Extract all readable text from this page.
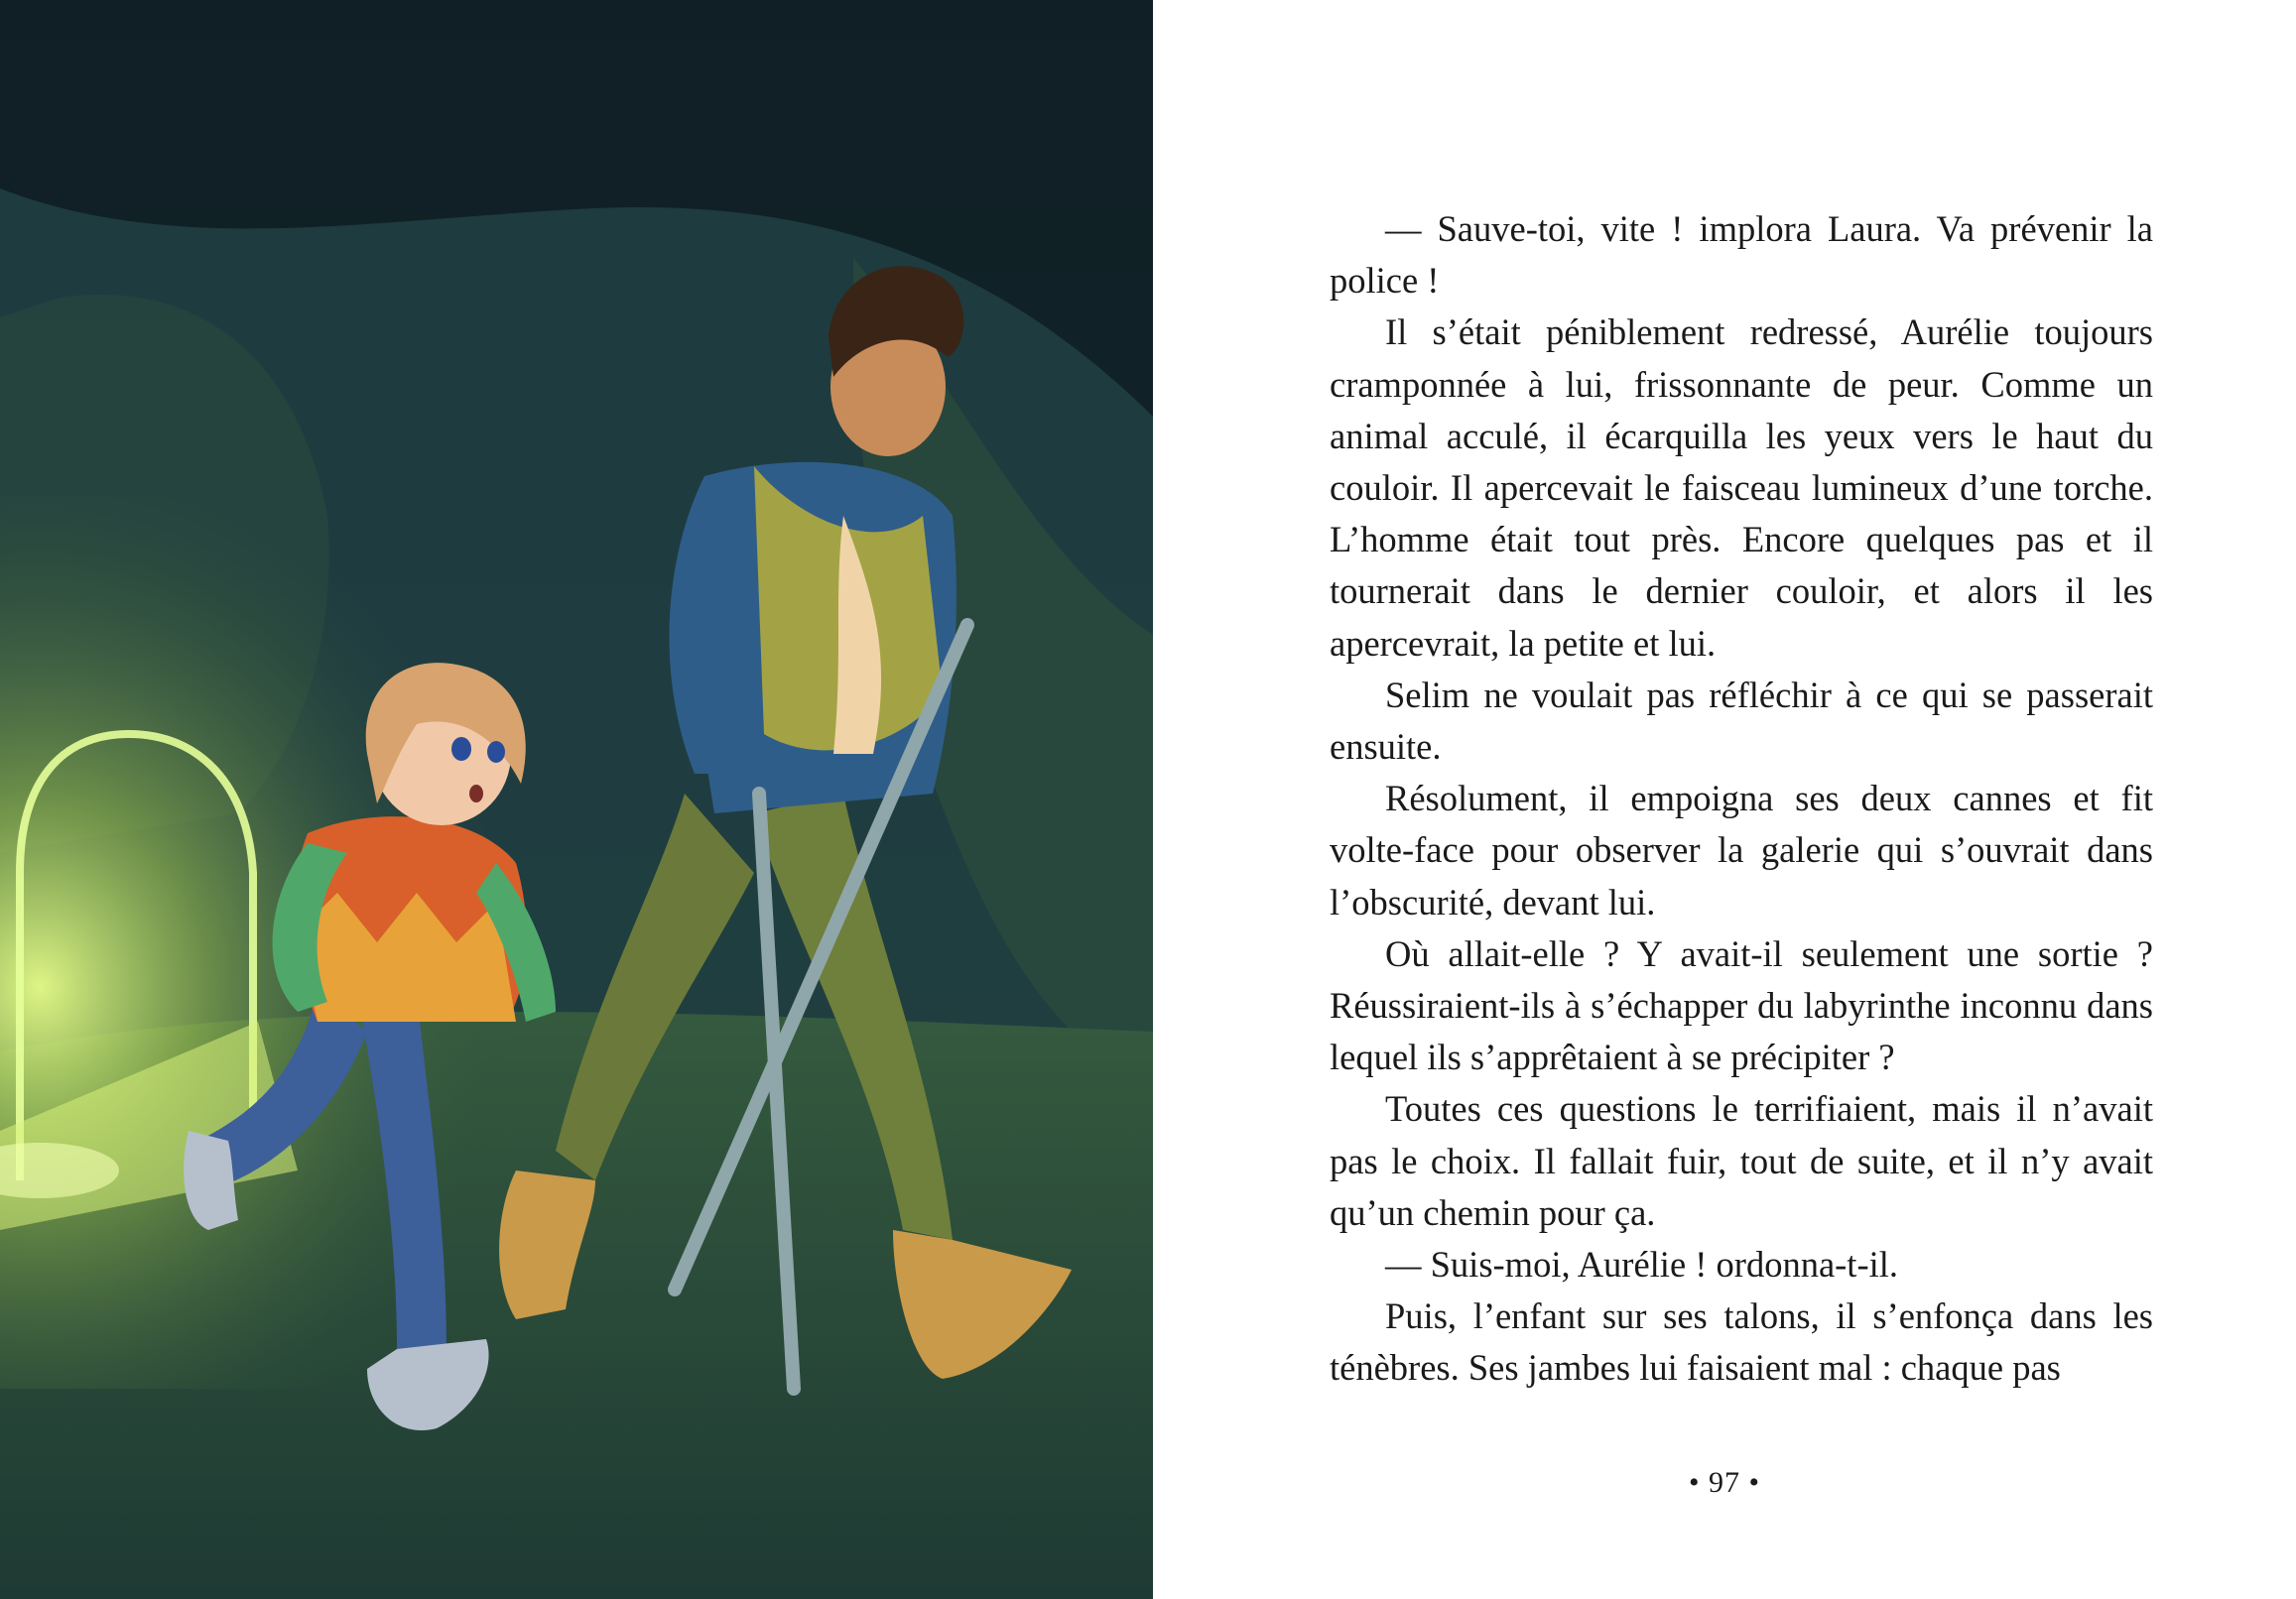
— Sauve-toi, vite ! implora Laura. Va prévenir la police !

Il s’était péniblement redressé, Aurélie toujours cramponnée à lui, frissonnante de peur. Comme un animal acculé, il écarquilla les yeux vers le haut du couloir. Il apercevait le faisceau lumineux d’une torche. L’homme était tout près. Encore quelques pas et il tournerait dans le dernier couloir, et alors il les apercevrait, la petite et lui.

Selim ne voulait pas réfléchir à ce qui se passerait ensuite.

Résolument, il empoigna ses deux cannes et fit volte-face pour observer la galerie qui s’ouvrait dans l’obscurité, devant lui.

Où allait-elle ? Y avait-il seulement une sortie ? Réussiraient-ils à s’échapper du labyrinthe inconnu dans lequel ils s’apprêtaient à se précipiter ?

Toutes ces questions le terrifiaient, mais il n’avait pas le choix. Il fallait fuir, tout de suite, et il n’y avait qu’un chemin pour ça.

— Suis-moi, Aurélie ! ordonna-t-il.

Puis, l’enfant sur ses talons, il s’enfonça dans les ténèbres. Ses jambes lui faisaient mal : chaque pas

• 97 •
